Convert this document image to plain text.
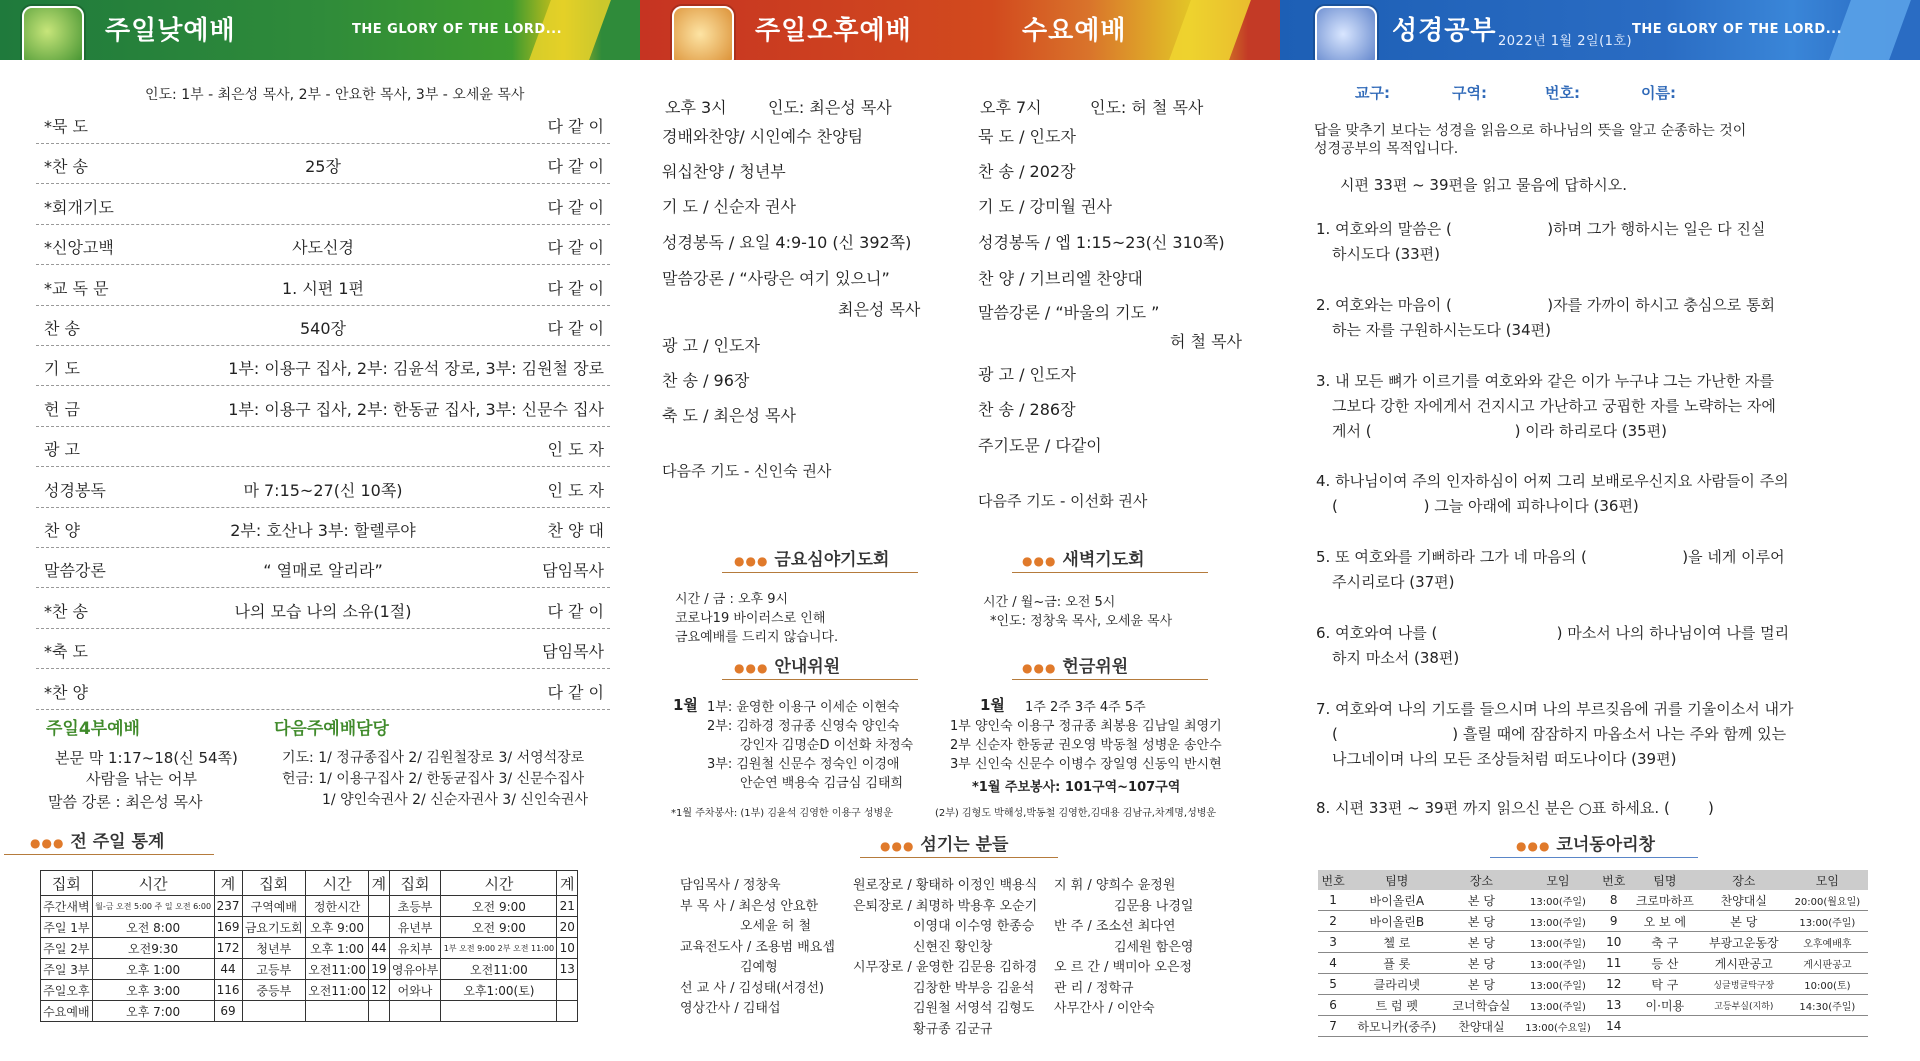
주일낮예배	THE GLORY OF THE LORD...	주일오후예배	수요예배	성경공부 2022년 1월 2일(1호)
THE GLORY OF THE LORD...
인도: 1부 - 최은성 목사, 2부 - 안요한 목사, 3부 - 오세윤 목사
*묵 도	다 같 이
*찬 송	25장	다 같 이
*회개기도	다 같 이
*신앙고백	사도신경	다 같 이
*교 독 문	1. 시편 1편	다 같 이
찬 송	540장	다 같 이
기 도	1부: 이용구 집사, 2부: 김윤석 장로, 3부: 김원철 장로
헌 금	1부: 이용구 집사, 2부: 한동균 집사, 3부: 신문수 집사
광 고	인 도 자
성경봉독	마 7:15~27(신 10쪽)	인 도 자
찬 양	2부: 호산나 3부: 할렐루야	찬 양 대
말씀강론	“ 열매로 알리라”	담임목사
*찬 송	나의 모습 나의 소유(1절)	다 같 이
*축 도	담임목사
*찬 양	다 같 이
주일4부예배
본문 막 1:17~18(신 54쪽)
사람을 낚는 어부
말씀 강론 : 최은성 목사
다음주예배담당
기도: 1/ 정규종집사 2/ 김원철장로 3/ 서영석장로
헌금: 1/ 이용구집사 2/ 한동균집사 3/ 신문수집사
1/ 양인숙권사 2/ 신순자권사 3/ 신인숙권사
●●● 전 주일 통계
집회	시간	계	집회	시간	계	집회	시간	계
주간새벽	월-금 오전 5:00 주 일 오전 6:00	237	구역예배	정한시간		초등부	오전 9:00	21
주일 1부	오전 8:00	169	금요기도회	오후 9:00		유년부	오전 9:00	20
주일 2부	오전9:30	172	청년부	오후 1:00	44	유치부	1부 오전 9:00 2부 오전 11:00	10
주일 3부	오후 1:00	44	고등부	오전11:00	19	영유아부	오전11:00	13
주일오후	오후 3:00	116	중등부	오전11:00	12	어와나	오후1:00(토)	
수요예배	오후 7:00	69						
오후 3시	인도: 최은성 목사
경배와찬양/ 시인예수 찬양팀
워십찬양 / 청년부
기 도 / 신순자 권사
성경봉독 / 요일 4:9-10 (신 392쪽)
말씀강론 / “사랑은 여기 있으니”
최은성 목사
광 고 / 인도자
찬 송 / 96장
축 도 / 최은성 목사
다음주 기도 - 신인숙 권사
오후 7시	인도: 허 철 목사
묵 도 / 인도자
찬 송 / 202장
기 도 / 강미월 권사
성경봉독 / 엡 1:15~23(신 310쪽)
찬 양 / 기브리엘 찬양대
말씀강론 / “바울의 기도 ”
허 철 목사
광 고 / 인도자
찬 송 / 286장
주기도문 / 다같이
다음주 기도 - 이선화 권사
●●● 금요심야기도회
시간 / 금 : 오후 9시
코로나19 바이러스로 인해
금요예배를 드리지 않습니다.
●●● 새벽기도회
시간 / 월~금: 오전 5시
*인도: 정창욱 목사, 오세윤 목사
●●● 안내위원
1월 1부: 윤영한 이용구 이세순 이현숙
2부: 김하경 정규종 신영숙 양인숙
강인자 김명순D 이선화 차정숙
3부: 김원철 신문수 정숙인 이경애
안순연 백용숙 김금심 김태희
*1월 주차봉사: (1부) 김윤석 김영한 이용구 성병운
●●● 헌금위원
1월 1주 2주 3주 4주 5주
1부 양인숙 이용구 정규종 최봉용 김남일 최영기
2부 신순자 한동균 권오영 박동철 성병운 송안수
3부 신인숙 신문수 이병수 장일영 신동익 반시현
*1월 주보봉사: 101구역~107구역
(2부) 김형도 박해성,박동철 김영한,김대용 김남규,차계명,성병운
●●● 섬기는 분들
담임목사 / 정창욱
부 목 사 / 최은성 안요한
오세윤 허 철
교육전도사 / 조용범 배요셉
김예형
선 교 사 / 김성태(서경선)
영상간사 / 김태섭
원로장로 / 황태하 이정인 백용식
은퇴장로 / 최명하 박용후 오순기
이영대 이수영 한종승
신현진 황인창
시무장로 / 윤영한 김문용 김하경
김창한 박부응 김윤석
김원철 서영석 김형도
황규종 김군규
지 휘 / 양희수 윤정원
김문용 나경일
반 주 / 조소선 최다연
김세원 함은영
오 르 간 / 백미아 오은정
관 리 / 정학규
사무간사 / 이안숙
교구:	구역:	번호:	이름:
답을 맞추기 보다는 성경을 읽음으로 하나님의 뜻을 알고 순종하는 것이
성경공부의 목적입니다.
시편 33편 ~ 39편을 읽고 물음에 답하시오.
1. 여호와의 말씀은 (                    )하며 그가 행하시는 일은 다 진실
하시도다 (33편)
2. 여호와는 마음이 (                    )자를 가까이 하시고 충심으로 통회
하는 자를 구원하시는도다 (34편)
3. 내 모든 뼈가 이르기를 여호와와 같은 이가 누구냐 그는 가난한 자를
그보다 강한 자에게서 건지시고 가난하고 궁핍한 자를 노략하는 자에
게서 (                              ) 이라 하리로다 (35편)
4. 하나님이여 주의 인자하심이 어찌 그리 보배로우신지요 사람들이 주의
(                  ) 그늘 아래에 피하나이다 (36편)
5. 또 여호와를 기뻐하라 그가 네 마음의 (                    )을 네게 이루어
주시리로다 (37편)
6. 여호와여 나를 (                         ) 마소서 나의 하나님이여 나를 멀리
하지 마소서 (38편)
7. 여호와여 나의 기도를 들으시며 나의 부르짖음에 귀를 기울이소서 내가
(                        ) 흘릴 때에 잠잠하지 마옵소서 나는 주와 함께 있는
나그네이며 나의 모든 조상들처럼 떠도나이다 (39편)
8. 시편 33편 ~ 39편 까지 읽으신 분은 ○표 하세요. (        )
●●● 코너동아리창
번호	팀명	장소	모임	번호	팀명	장소	모임
1	바이올린A	본 당	13:00(주일)	8	크로마하프	찬양대실	20:00(월요일)
2	바이올린B	본 당	13:00(주일)	9	오 보 에	본 당	13:00(주일)
3	첼 로	본 당	13:00(주일)	10	축 구	부광고운동장	오후예배후
4	플 롯	본 당	13:00(주일)	11	등 산	게시판공고	게시판공고
5	클라리넷	본 당	13:00(주일)	12	탁 구	싱글벙글탁구장	10:00(토)
6	트 럼 펫	코너학습실	13:00(주일)	13	이·미용	고등부실(지하)	14:30(주일)
7	하모니카(중주)	찬양대실	13:00(수요일)	14			
